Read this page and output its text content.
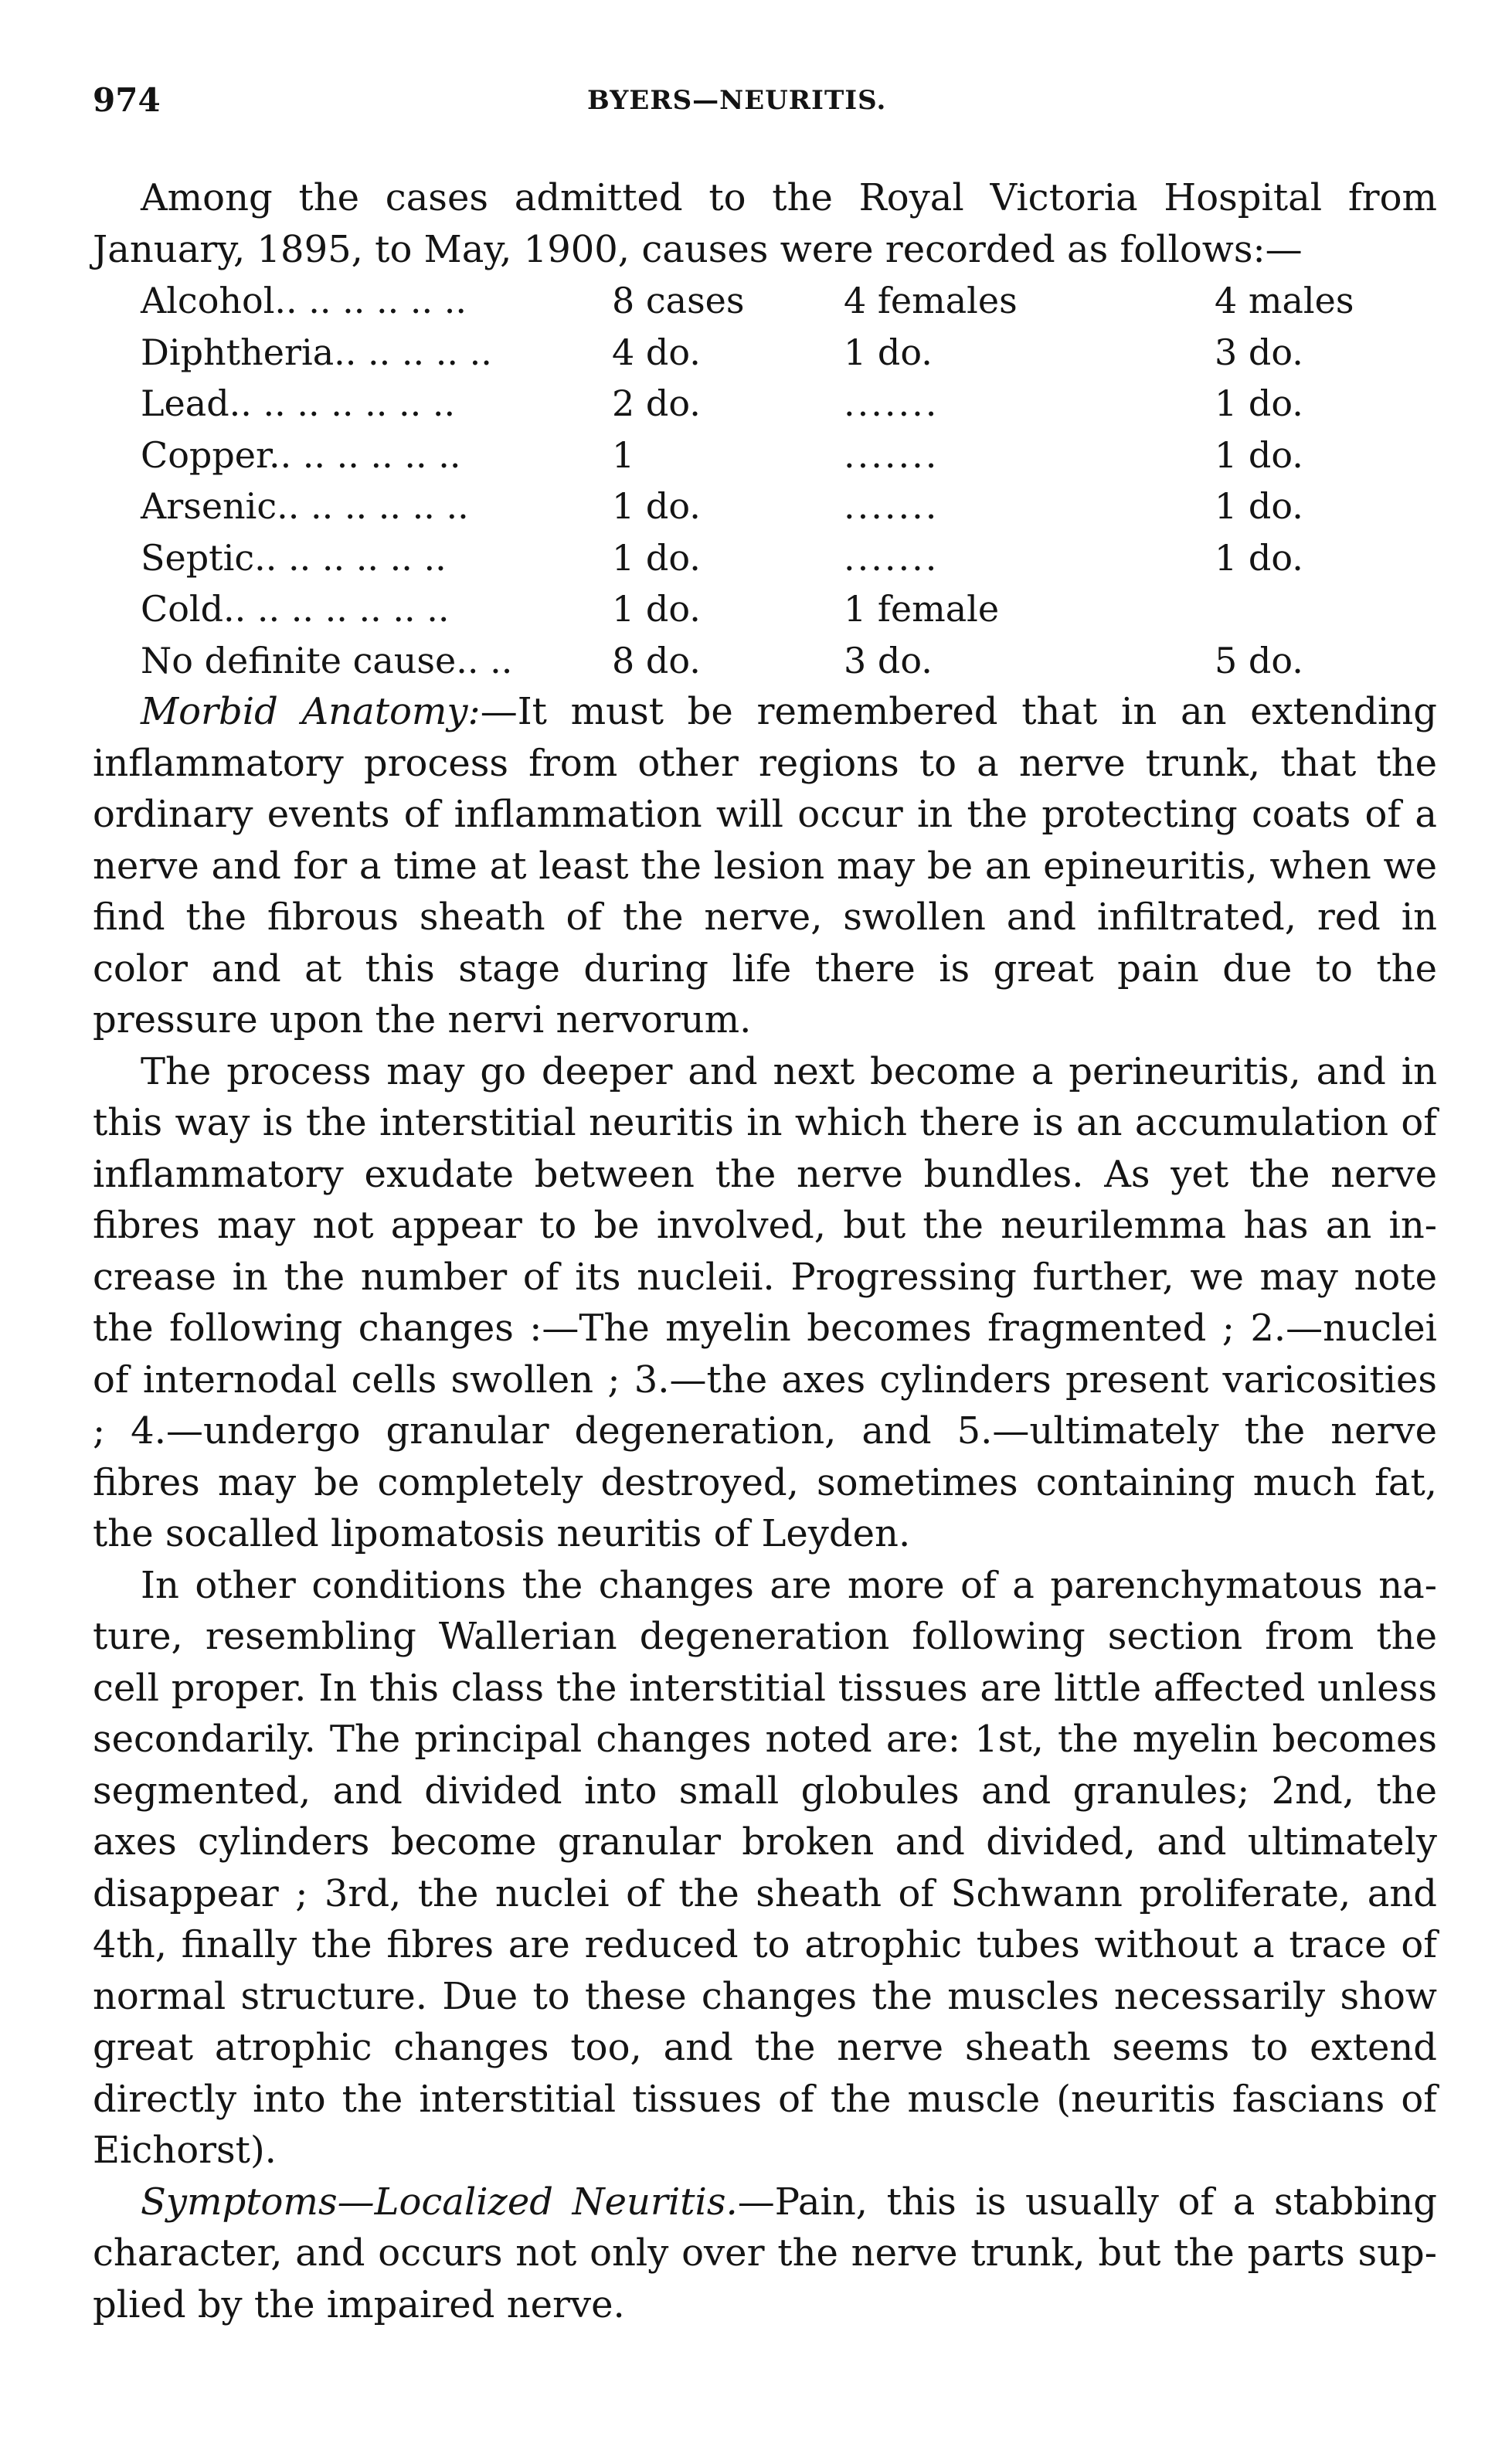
974	BYERS—NEURITIS.

Among the cases admitted to the Royal Victoria Hospital from January, 1895, to May, 1900, causes were recorded as follows:—

Alcohol.. .. .. .. .. ..	8 cases	4 females	4 males
Diphtheria.. .. .. .. ..	4 do.	1 do.	3 do.
Lead.. .. .. .. .. .. ..	2 do.	.......	1 do.
Copper.. .. .. .. .. ..	1	.......	1 do.
Arsenic.. .. .. .. .. ..	1 do.	.......	1 do.
Septic.. .. .. .. .. ..	1 do.	.......	1 do.
Cold.. .. .. .. .. .. ..	1 do.	1 female	
No definite cause.. ..	8 do.	3 do.	5 do.

Morbid Anatomy:—It must be remembered that in an extending inflammatory process from other regions to a nerve trunk, that the ordinary events of inflammation will occur in the protecting coats of a nerve and for a time at least the lesion may be an epineuritis, when we find the fibrous sheath of the nerve, swollen and infiltrated, red in color and at this stage during life there is great pain due to the pressure upon the nervi nervorum.

The process may go deeper and next become a perineuritis, and in this way is the interstitial neuritis in which there is an accumulation of inflammatory exudate between the nerve bundles. As yet the nerve fibres may not appear to be involved, but the neurilemma has an increase in the number of its nucleii. Progressing further, we may note the following changes :—The myelin becomes fragmented ; 2.—nuclei of internodal cells swollen ; 3.—the axes cylinders present varicosities ; 4.—undergo granular degeneration, and 5.—ultimately the nerve fibres may be completely destroyed, sometimes containing much fat, the socalled lipomatosis neuritis of Leyden.

In other conditions the changes are more of a parenchymatous nature, resembling Wallerian degeneration following section from the cell proper. In this class the interstitial tissues are little affected unless secondarily. The principal changes noted are: 1st, the myelin becomes segmented, and divided into small globules and granules; 2nd, the axes cylinders become granular broken and divided, and ultimately disappear ; 3rd, the nuclei of the sheath of Schwann proliferate, and 4th, finally the fibres are reduced to atrophic tubes without a trace of normal structure. Due to these changes the muscles necessarily show great atrophic changes too, and the nerve sheath seems to extend directly into the interstitial tissues of the muscle (neuritis fascians of Eichorst).

Symptoms—Localized Neuritis.—Pain, this is usually of a stabbing character, and occurs not only over the nerve trunk, but the parts supplied by the impaired nerve.
